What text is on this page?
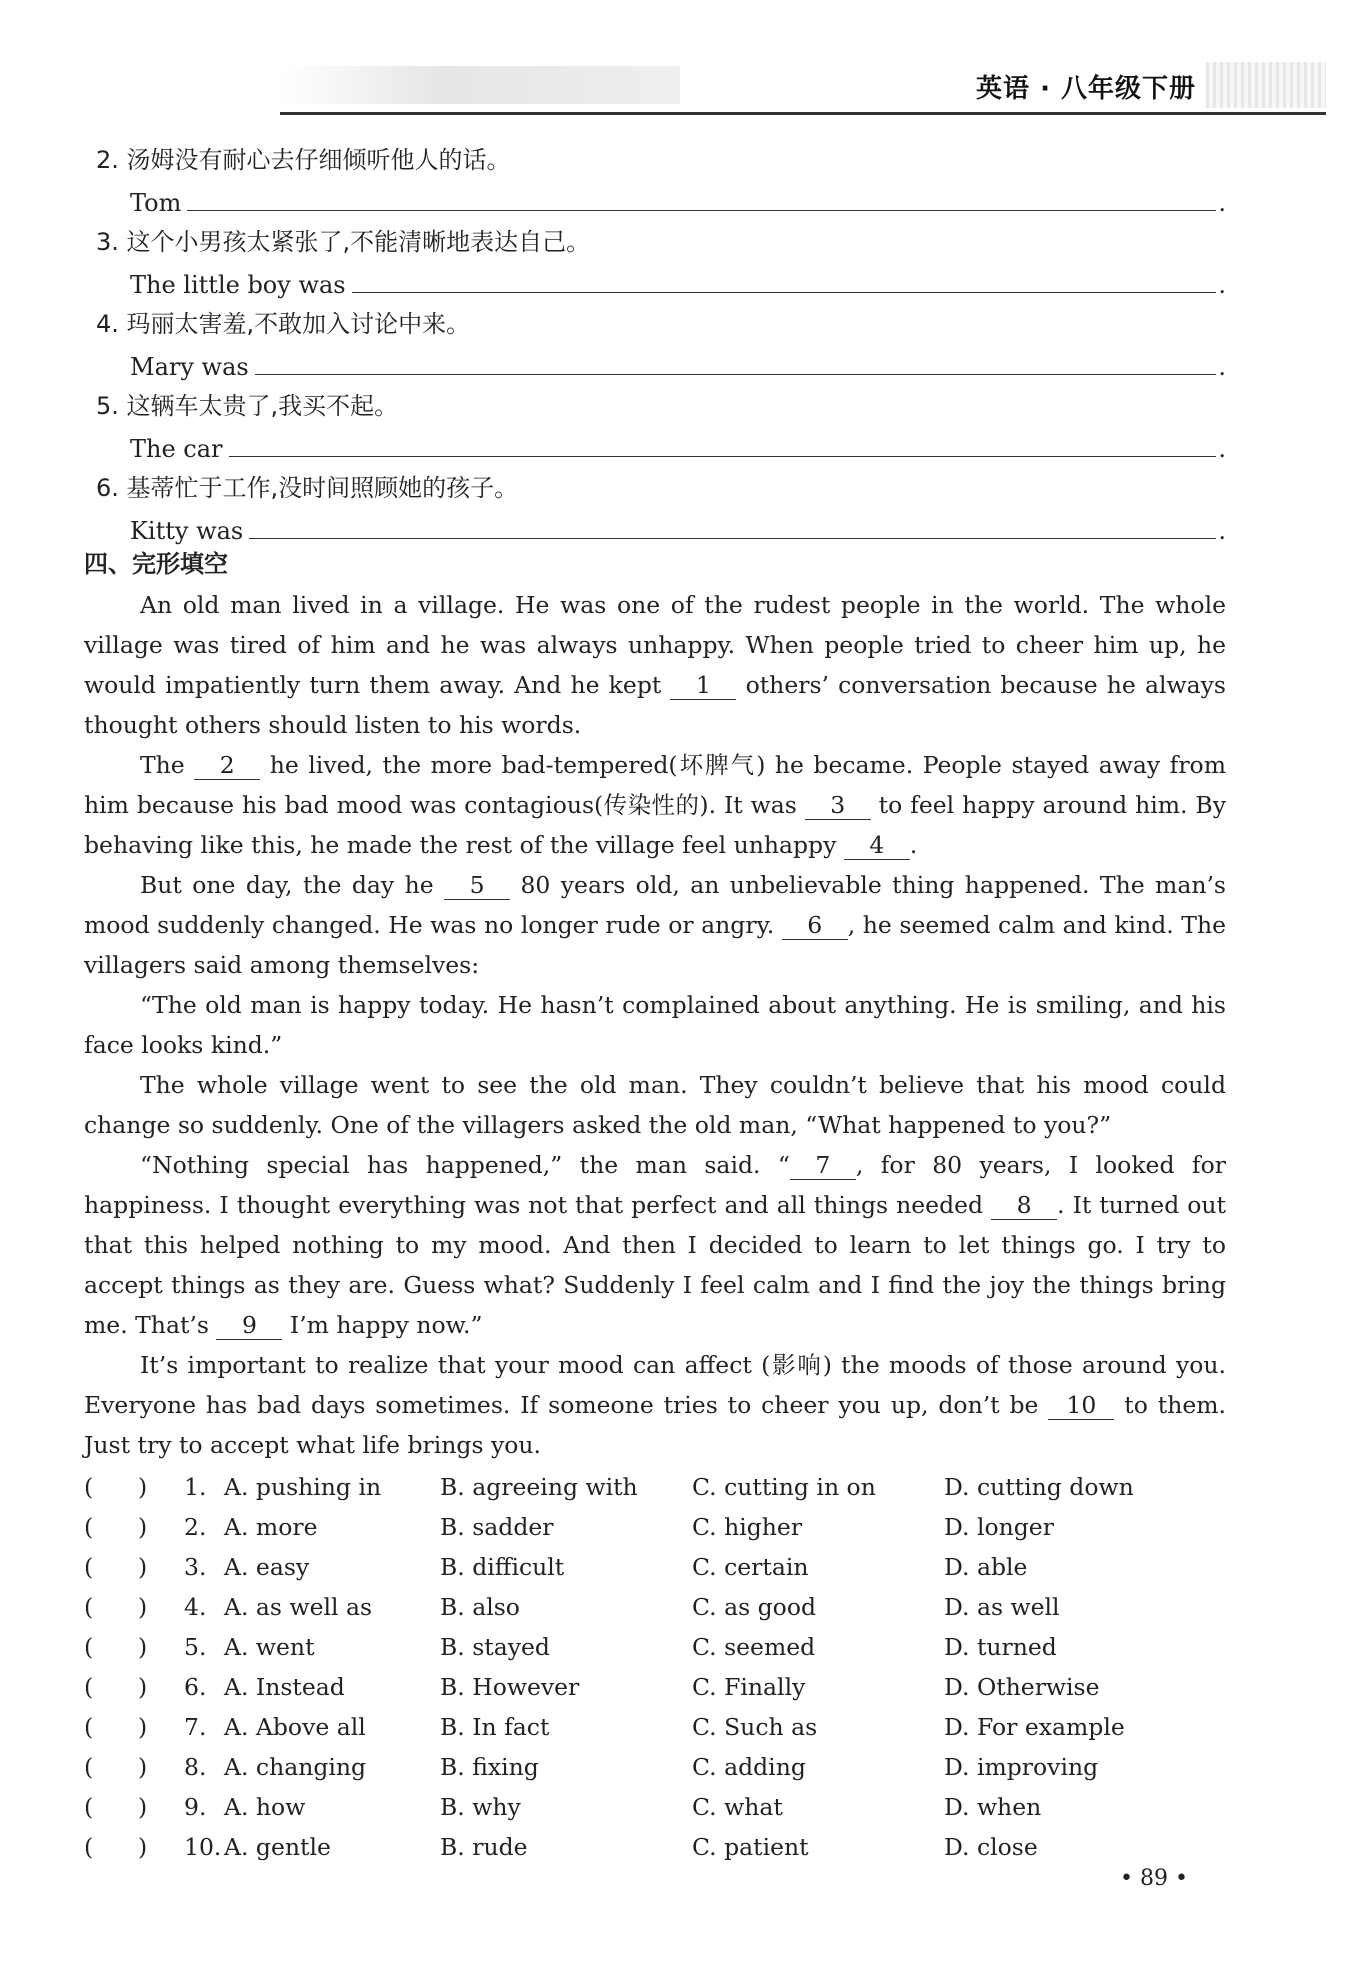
英语 · 八年级下册
2. 汤姆没有耐心去仔细倾听他人的话。
Tom	.
3. 这个小男孩太紧张了,不能清晰地表达自己。
The little boy was	.
4. 玛丽太害羞,不敢加入讨论中来。
Mary was	.
5. 这辆车太贵了,我买不起。
The car	.
6. 基蒂忙于工作,没时间照顾她的孩子。
Kitty was	.
四、完形填空

An old man lived in a village. He was one of the rudest people in the world. The whole village was tired of him and he was always unhappy. When people tried to cheer him up, he would impatiently turn them away. And he kept 1 others’ conversation because he always thought others should listen to his words.

The 2 he lived, the more bad-tempered(坏脾气) he became. People stayed away from him because his bad mood was contagious(传染性的). It was 3 to feel happy around him. By behaving like this, he made the rest of the village feel unhappy 4 .

But one day, the day he 5 80 years old, an unbelievable thing happened. The man’s mood suddenly changed. He was no longer rude or angry. 6 , he seemed calm and kind. The villagers said among themselves:

“The old man is happy today. He hasn’t complained about anything. He is smiling, and his face looks kind.”

The whole village went to see the old man. They couldn’t believe that his mood could change so suddenly. One of the villagers asked the old man, “What happened to you?”

“Nothing special has happened,” the man said. “ 7 , for 80 years, I looked for happiness. I thought everything was not that perfect and all things needed 8 . It turned out that this helped nothing to my mood. And then I decided to learn to let things go. I try to accept things as they are. Guess what? Suddenly I feel calm and I find the joy the things bring me. That’s 9 I’m happy now.”

It’s important to realize that your mood can affect (影响) the moods of those around you. Everyone has bad days sometimes. If someone tries to cheer you up, don’t be 10 to them. Just try to accept what life brings you.

(      )	1. A. pushing in	B. agreeing with	C. cutting in on	D. cutting down
(      )	2. A. more	B. sadder	C. higher	D. longer
(      )	3. A. easy	B. difficult	C. certain	D. able
(      )	4. A. as well as	B. also	C. as good	D. as well
(      )	5. A. went	B. stayed	C. seemed	D. turned
(      )	6. A. Instead	B. However	C. Finally	D. Otherwise
(      )	7. A. Above all	B. In fact	C. Such as	D. For example
(      )	8. A. changing	B. fixing	C. adding	D. improving
(      )	9. A. how	B. why	C. what	D. when
(      )	10. A. gentle	B. rude	C. patient	D. close
• 89 •
